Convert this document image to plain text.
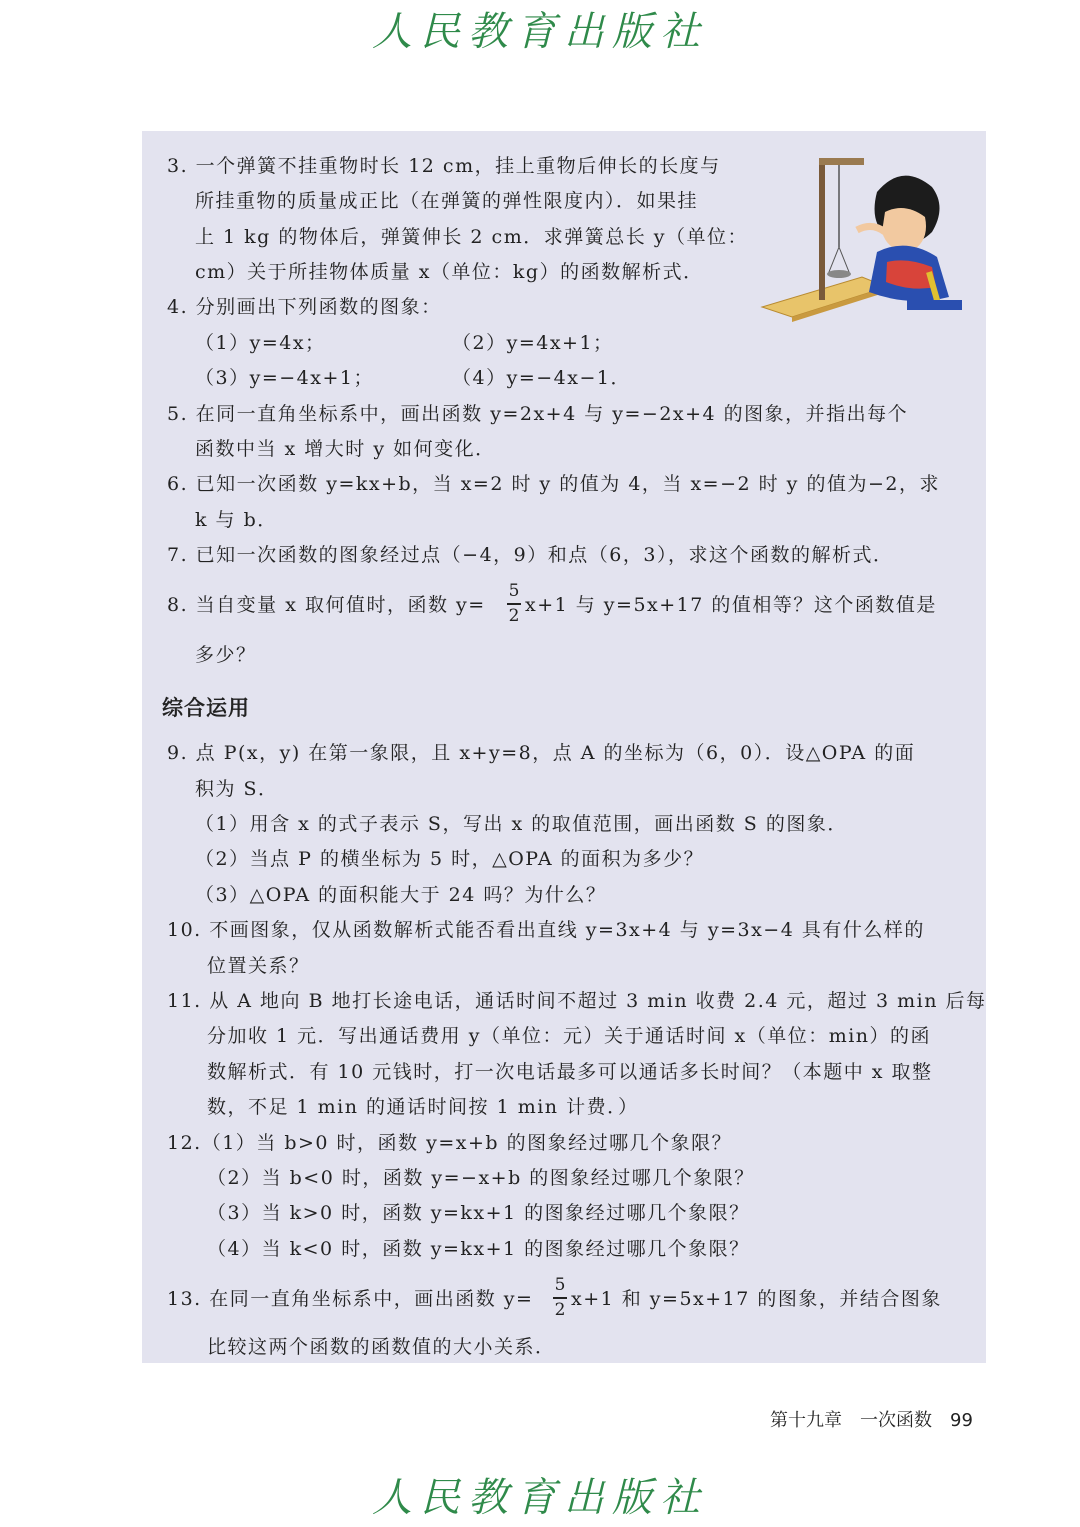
人民教育出版社
3. 一个弹簧不挂重物时长 12 cm，挂上重物后伸长的长度与
所挂重物的质量成正比（在弹簧的弹性限度内）．如果挂
上 1 kg 的物体后，弹簧伸长 2 cm．求弹簧总长 y（单位：
cm）关于所挂物体质量 x（单位：kg）的函数解析式．
4. 分别画出下列函数的图象：
（1）y=4x；	（2）y=4x+1；
（3）y=−4x+1；	（4）y=−4x−1．
5. 在同一直角坐标系中，画出函数 y=2x+4 与 y=−2x+4 的图象，并指出每个
函数中当 x 增大时 y 如何变化．
6. 已知一次函数 y=kx+b，当 x=2 时 y 的值为 4，当 x=−2 时 y 的值为−2，求
k 与 b．
7. 已知一次函数的图象经过点（−4，9）和点（6，3），求这个函数的解析式．
8. 当自变量 x 取何值时，函数 y=
5
2 x+1 与 y=5x+17 的值相等？这个函数值是
多少？
综合运用
9. 点 P(x，y) 在第一象限，且 x+y=8，点 A 的坐标为（6，0）．设△OPA 的面
积为 S．
（1）用含 x 的式子表示 S，写出 x 的取值范围，画出函数 S 的图象．
（2）当点 P 的横坐标为 5 时，△OPA 的面积为多少？
（3）△OPA 的面积能大于 24 吗？为什么？
10. 不画图象，仅从函数解析式能否看出直线 y=3x+4 与 y=3x−4 具有什么样的
位置关系？
11. 从 A 地向 B 地打长途电话，通话时间不超过 3 min 收费 2.4 元，超过 3 min 后每
分加收 1 元．写出通话费用 y（单位：元）关于通话时间 x（单位：min）的函
数解析式．有 10 元钱时，打一次电话最多可以通话多长时间？（本题中 x 取整
数，不足 1 min 的通话时间按 1 min 计费．）
12.（1）当 b>0 时，函数 y=x+b 的图象经过哪几个象限？
（2）当 b<0 时，函数 y=−x+b 的图象经过哪几个象限？
（3）当 k>0 时，函数 y=kx+1 的图象经过哪几个象限？
（4）当 k<0 时，函数 y=kx+1 的图象经过哪几个象限？
13. 在同一直角坐标系中，画出函数 y=
5
2 x+1 和 y=5x+17 的图象，并结合图象
比较这两个函数的函数值的大小关系．
第十九章　一次函数 99
人民教育出版社
